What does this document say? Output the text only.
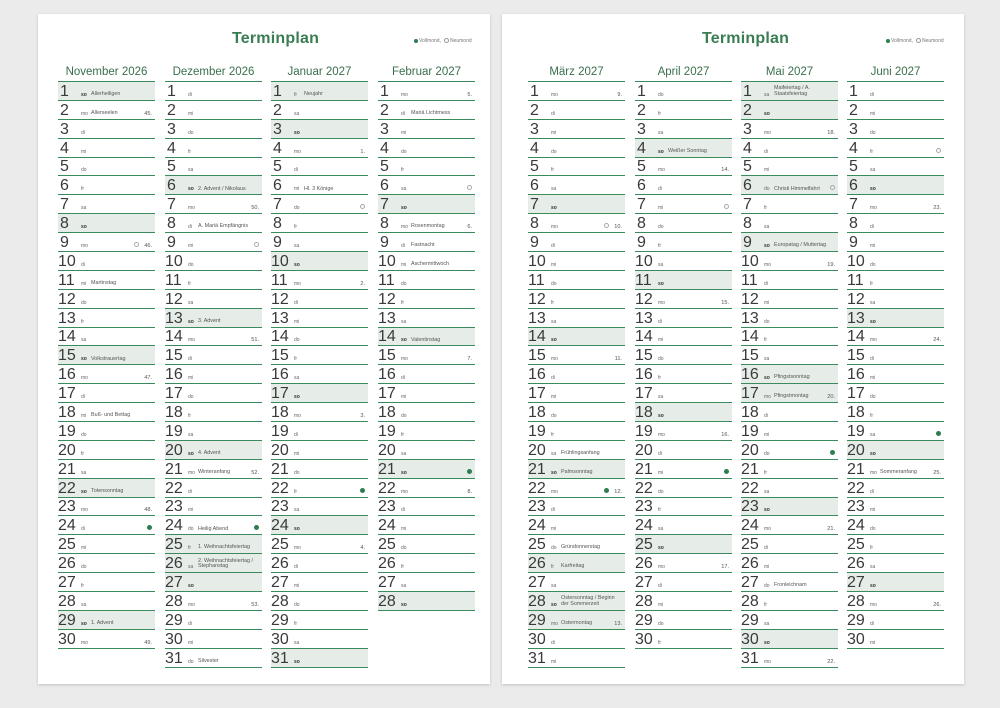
Terminplan	Vollmond, Neumond
November 2026
1 so Allerheiligen
2 mo Allerseelen	45.
3 di
4 mi
5 do
6 fr
7 sa
8 so
9 mo	46.
10 di
11 mi Martinstag
12 do
13 fr
14 sa
15 so Volkstrauertag
16 mo	47.
17 di
18 mi Buß- und Bettag
19 do
20 fr
21 sa
22 so Totensonntag
23 mo	48.
24 di
25 mi
26 do
27 fr
28 sa
29 so 1. Advent
30 mo	49.
Dezember 2026
1 di
2 mi
3 do
4 fr
5 sa
6 so 2. Advent / Nikolaus
7 mo	50.
8 di A. Mariä Empfängnis
9 mi
10 do
11 fr
12 sa
13 so 3. Advent
14 mo	51.
15 di
16 mi
17 do
18 fr
19 sa
20 so 4. Advent
21 mo Winteranfang	52.
22 di
23 mi
24 do Heilig Abend
25 fr 1. Weihnachtsfeiertag
26 sa
2. Weihnachtsfeiertag / Stephanstag
27 so
28 mo	53.
29 di
30 mi
31 do Silvester
Januar 2027
1 fr Neujahr
2 sa
3 so
4 mo	1.
5 di
6 mi Hl. 3 Könige
7 do
8 fr
9 sa
10 so
11 mo	2.
12 di
13 mi
14 do
15 fr
16 sa
17 so
18 mo	3.
19 di
20 mi
21 do
22 fr
23 sa
24 so
25 mo	4.
26 di
27 mi
28 do
29 fr
30 sa
31 so
Februar 2027
1 mo	5.
2 di Mariä Lichtmess
3 mi
4 do
5 fr
6 sa
7 so
8 mo Rosenmontag	6.
9 di Fastnacht
10 mi Aschermittwoch
11 do
12 fr
13 sa
14 so Valentinstag
15 mo	7.
16 di
17 mi
18 do
19 fr
20 sa
21 so
22 mo	8.
23 di
24 mi
25 do
26 fr
27 sa
28 so
Terminplan	Vollmond, Neumond
März 2027
1 mo	9.
2 di
3 mi
4 do
5 fr
6 sa
7 so
8 mo	10.
9 di
10 mi
11 do
12 fr
13 sa
14 so
15 mo	11.
16 di
17 mi
18 do
19 fr
20 sa Frühlingsanfang
21 so Palmsonntag
22 mo	12.
23 di
24 mi
25 do Gründonnerstag
26 fr Karfreitag
27 sa
28 so
Ostersonntag / Beginn der Sommerzeit
29 mo Ostermontag	13.
30 di
31 mi
April 2027
1 do
2 fr
3 sa
4 so Weißer Sonntag
5 mo	14.
6 di
7 mi
8 do
9 fr
10 sa
11 so
12 mo	15.
13 di
14 mi
15 do
16 fr
17 sa
18 so
19 mo	16.
20 di
21 mi
22 do
23 fr
24 sa
25 so
26 mo	17.
27 di
28 mi
29 do
30 fr
Mai 2027
1 sa
Maifeiertag / A. Staatsfeiertag
2 so
3 mo	18.
4 di
5 mi
6 do Christi Himmelfahrt
7 fr
8 sa
9 so Europatag / Muttertag
10 mo	19.
11 di
12 mi
13 do
14 fr
15 sa
16 so Pfingstsonntag
17 mo Pfingstmontag	20.
18 di
19 mi
20 do
21 fr
22 sa
23 so
24 mo	21.
25 di
26 mi
27 do Fronleichnam
28 fr
29 sa
30 so
31 mo	22.
Juni 2027
1 di
2 mi
3 do
4 fr
5 sa
6 so
7 mo	23.
8 di
9 mi
10 do
11 fr
12 sa
13 so
14 mo	24.
15 di
16 mi
17 do
18 fr
19 sa
20 so
21 mo Sommeranfang	25.
22 di
23 mi
24 do
25 fr
26 sa
27 so
28 mo	26.
29 di
30 mi
